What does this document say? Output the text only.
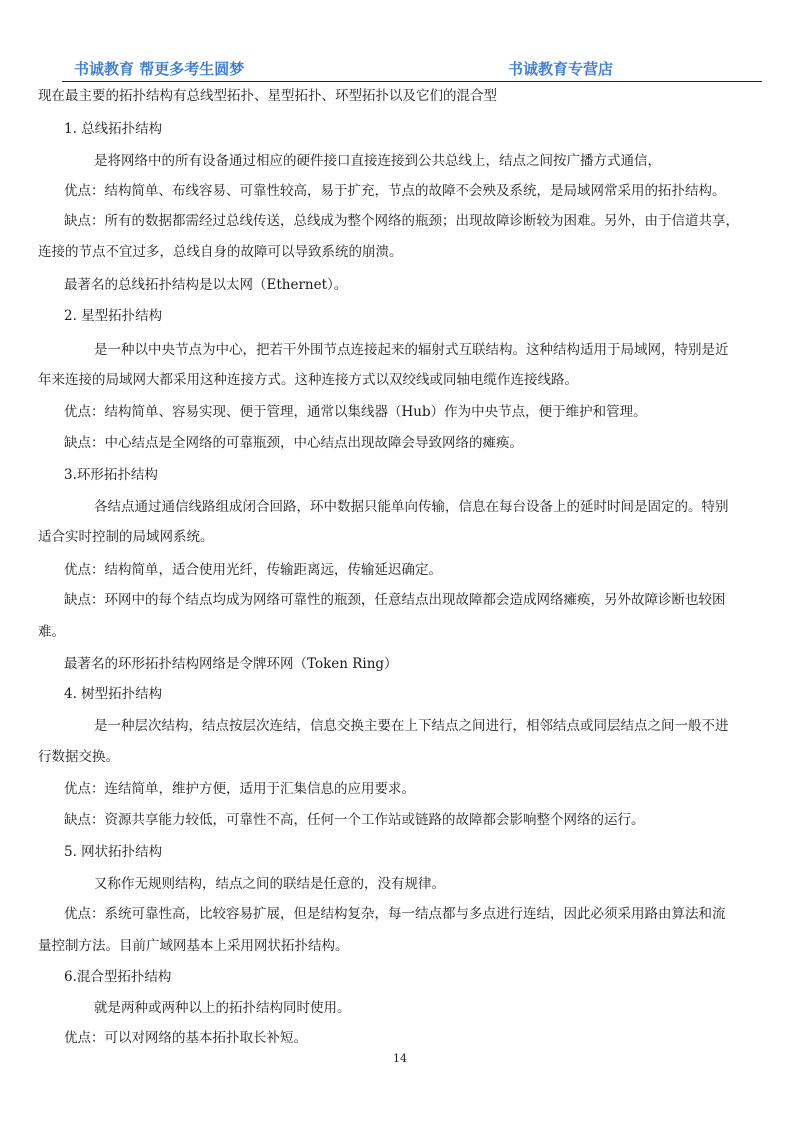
书诚教育 帮更多考生圆梦	书诚教育专营店
现在最主要的拓扑结构有总线型拓扑、星型拓扑、环型拓扑以及它们的混合型
1. 总线拓扑结构
是将网络中的所有设备通过相应的硬件接口直接连接到公共总线上，结点之间按广播方式通信，
优点：结构简单、布线容易、可靠性较高，易于扩充，节点的故障不会殃及系统，是局域网常采用的拓扑结构。
缺点：所有的数据都需经过总线传送，总线成为整个网络的瓶颈；出现故障诊断较为困难。另外，由于信道共享，
连接的节点不宜过多，总线自身的故障可以导致系统的崩溃。
最著名的总线拓扑结构是以太网（Ethernet）。
2. 星型拓扑结构
是一种以中央节点为中心，把若干外围节点连接起来的辐射式互联结构。这种结构适用于局域网，特别是近
年来连接的局域网大都采用这种连接方式。这种连接方式以双绞线或同轴电缆作连接线路。
优点：结构简单、容易实现、便于管理，通常以集线器（Hub）作为中央节点，便于维护和管理。
缺点：中心结点是全网络的可靠瓶颈，中心结点出现故障会导致网络的瘫痪。
3.环形拓扑结构
各结点通过通信线路组成闭合回路，环中数据只能单向传输，信息在每台设备上的延时时间是固定的。特别
适合实时控制的局域网系统。
优点：结构简单，适合使用光纤，传输距离远，传输延迟确定。
缺点：环网中的每个结点均成为网络可靠性的瓶颈，任意结点出现故障都会造成网络瘫痪，另外故障诊断也较困
难。
最著名的环形拓扑结构网络是令牌环网（Token Ring）
4. 树型拓扑结构
是一种层次结构，结点按层次连结，信息交换主要在上下结点之间进行，相邻结点或同层结点之间一般不进
行数据交换。
优点：连结简单，维护方便，适用于汇集信息的应用要求。
缺点：资源共享能力较低，可靠性不高，任何一个工作站或链路的故障都会影响整个网络的运行。
5. 网状拓扑结构
又称作无规则结构，结点之间的联结是任意的，没有规律。
优点：系统可靠性高，比较容易扩展，但是结构复杂，每一结点都与多点进行连结，因此必须采用路由算法和流
量控制方法。目前广域网基本上采用网状拓扑结构。
6.混合型拓扑结构
就是两种或两种以上的拓扑结构同时使用。
优点：可以对网络的基本拓扑取长补短。
14
